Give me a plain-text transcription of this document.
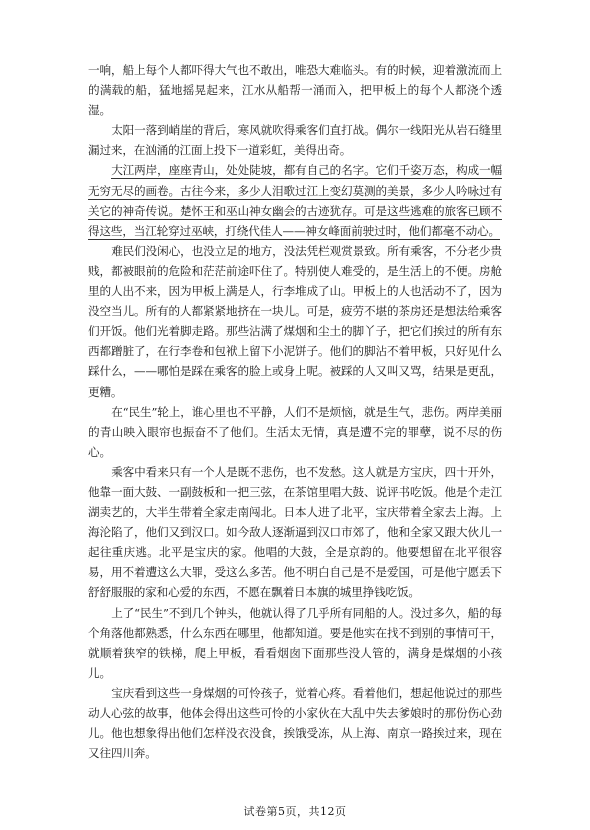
一响，船上每个人都吓得大气也不敢出，唯恐大难临头。有的时候，迎着激流而上的满载的船，猛地摇晃起来，江水从船帮一涌而入，把甲板上的每个人都浇个透湿。

太阳一落到峭崖的背后，寒风就吹得乘客们直打战。偶尔一线阳光从岩石缝里漏过来，在汹涌的江面上投下一道彩虹，美得出奇。

大江两岸，座座青山，处处陡坡，都有自己的名字。它们千姿万态，构成一幅无穷无尽的画卷。古往今来，多少人泪歌过江上变幻莫测的美景，多少人吟咏过有关它的神奇传说。楚怀王和巫山神女幽会的古迹犹存。可是这些逃难的旅客已顾不得这些，当江轮穿过巫峡，打绕代佳人——神女峰面前驶过时，他们都毫不动心。

难民们没闲心，也没立足的地方，没法凭栏观赏景致。所有乘客，不分老少贵贱，都被眼前的危险和茫茫前途吓住了。特别使人难受的，是生活上的不便。房舱里的人出不来，因为甲板上满是人，行李堆成了山。甲板上的人也活动不了，因为没空当儿。所有的人都紧紧地挤在一块儿。可是，疲劳不堪的茶房还是想法给乘客们开饭。他们光着脚走路。那些沾满了煤烟和尘土的脚丫子，把它们挨过的所有东西都蹭脏了，在行李卷和包袱上留下小泥饼子。他们的脚沾不着甲板，只好见什么踩什么，——哪怕是踩在乘客的脸上或身上呢。被踩的人又叫又骂，结果是更乱，更糟。

在“民生”轮上，谁心里也不平静，人们不是烦恼，就是生气，悲伤。两岸美丽的青山映入眼帘也振奋不了他们。生活太无情，真是遭不完的罪孽，说不尽的伤心。

乘客中看来只有一个人是既不悲伤，也不发愁。这人就是方宝庆，四十开外，他靠一面大鼓、一副鼓板和一把三弦，在茶馆里唱大鼓、说评书吃饭。他是个走江湖卖艺的，大半生带着全家走南闯北。日本人进了北平，宝庆带着全家去上海。上海沦陷了，他们又到汉口。如今敌人逐渐逼到汉口市郊了，他和全家又跟大伙儿一起往重庆逃。北平是宝庆的家。他唱的大鼓，全是京韵的。他要想留在北平很容易，用不着遭这么大罪，受这么多苦。他不明白自己是不是爱国，可是他宁愿丢下舒舒服服的家和心爱的东西，不愿在飘着日本旗的城里挣钱吃饭。

上了“民生”不到几个钟头，他就认得了几乎所有同船的人。没过多久，船的每个角落他都熟悉，什么东西在哪里，他都知道。要是他实在找不到别的事情可干，就顺着狭窄的铁梯，爬上甲板，看看烟囱下面那些没人管的，满身是煤烟的小孩儿。

宝庆看到这些一身煤烟的可怜孩子，觉着心疼。看着他们，想起他说过的那些动人心弦的故事，他体会得出这些可怜的小家伙在大乱中失去爹娘时的那份伤心劲儿。他也想象得出他们怎样没衣没食，挨饿受冻，从上海、南京一路挨过来，现在又往四川奔。

试卷第5页，共12页
